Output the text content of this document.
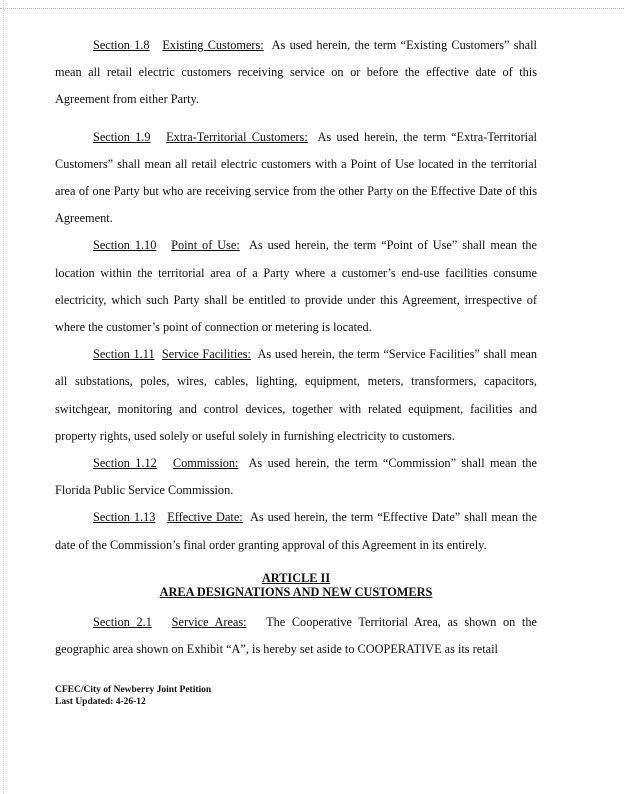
Section 1.8 Existing Customers: As used herein, the term “Existing Customers” shall mean all retail electric customers receiving service on or before the effective date of this Agreement from either Party.

Section 1.9 Extra-Territorial Customers: As used herein, the term “Extra-Territorial Customers” shall mean all retail electric customers with a Point of Use located in the territorial area of one Party but who are receiving service from the other Party on the Effective Date of this Agreement.

Section 1.10 Point of Use: As used herein, the term “Point of Use” shall mean the location within the territorial area of a Party where a customer’s end-use facilities consume electricity, which such Party shall be entitled to provide under this Agreement, irrespective of where the customer’s point of connection or metering is located.

Section 1.11 Service Facilities: As used herein, the term “Service Facilities” shall mean all substations, poles, wires, cables, lighting, equipment, meters, transformers, capacitors, switchgear, monitoring and control devices, together with related equipment, facilities and property rights, used solely or useful solely in furnishing electricity to customers.

Section 1.12 Commission: As used herein, the term “Commission” shall mean the Florida Public Service Commission.

Section 1.13 Effective Date: As used herein, the term “Effective Date” shall mean the date of the Commission’s final order granting approval of this Agreement in its entirely.

ARTICLE II
AREA DESIGNATIONS AND NEW CUSTOMERS

Section 2.1 Service Areas: The Cooperative Territorial Area, as shown on the geographic area shown on Exhibit “A”, is hereby set aside to COOPERATIVE as its retail

CFEC/City of Newberry Joint Petition
Last Updated: 4-26-12
